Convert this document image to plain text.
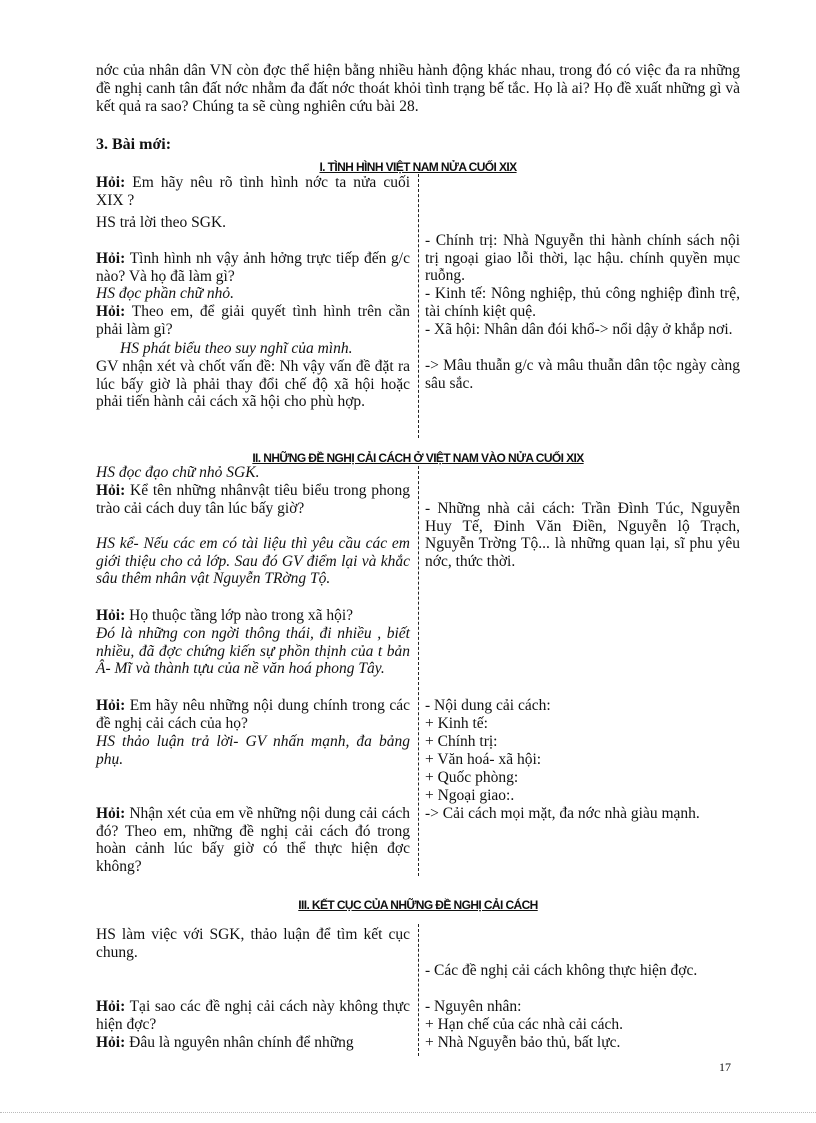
nớc của nhân dân VN còn đợc thể hiện bằng nhiều hành động khác nhau, trong đó có việc đa ra những đề nghị canh tân đất nớc nhằm đa đất nớc thoát khỏi tình trạng bế tắc. Họ là ai? Họ đề xuất những gì và kết quả ra sao? Chúng ta sẽ cùng nghiên cứu bài 28.

3. Bài mới:
I. TÌNH HÌNH VIỆT NAM NỬA CUỐI XIX

Hỏi: Em hãy nêu rõ tình hình nớc ta nửa cuối XIX ?

HS trả lời theo SGK.

Hỏi: Tình hình nh vậy ảnh hởng trực tiếp đến g/c nào? Và họ đã làm gì?

HS đọc phần chữ nhỏ.

Hỏi: Theo em, để giải quyết tình hình trên cần phải làm gì?

HS phát biểu theo suy nghĩ của mình.

GV nhận xét và chốt vấn đề: Nh vậy vấn đề đặt ra lúc bấy giờ là phải thay đổi chế độ xã hội hoặc phải tiến hành cải cách xã hội cho phù hợp.

- Chính trị: Nhà Nguyễn thi hành chính sách nội trị ngoại giao lỗi thời, lạc hậu. chính quyền mục ruỗng.

- Kinh tế: Nông nghiệp, thủ công nghiệp đình trệ, tài chính kiệt quệ.

- Xã hội: Nhân dân đói khổ-> nổi dậy ở khắp nơi.

-> Mâu thuẫn g/c và mâu thuẫn dân tộc ngày càng sâu sắc.

II. NHỮNG ĐỀ NGHỊ CẢI CÁCH Ở VIỆT NAM VÀO NỬA CUỐI XIX

HS đọc đạo chữ nhỏ SGK.

Hỏi: Kể tên những nhânvật tiêu biểu trong phong trào cải cách duy tân lúc bấy giờ?

HS kể- Nếu các em có tài liệu thì yêu cầu các em giới thiệu cho cả lớp. Sau đó GV điểm lại và khắc sâu thêm nhân vật Nguyễn TRờng Tộ.

Hỏi: Họ thuộc tầng lớp nào trong xã hội?

Đó là những con ngời thông thái, đi nhiều , biết nhiều, đã đợc chứng kiến sự phồn thịnh của t bản Â- Mĩ và thành tựu của nề văn hoá phong Tây.

Hỏi: Em hãy nêu những nội dung chính trong các đề nghị cải cách của họ?

HS thảo luận trả lời- GV nhấn mạnh, đa bảng phụ.

Hỏi: Nhận xét của em về những nội dung cải cách đó? Theo em, những đề nghị cải cách đó trong hoàn cảnh lúc bấy giờ có thể thực hiện đợc không?

- Những nhà cải cách: Trần Đình Túc, Nguyễn Huy Tế, Đinh Văn Điền, Nguyễn lộ Trạch, Nguyễn Trờng Tộ... là những quan lại, sĩ phu yêu nớc, thức thời.

- Nội dung cải cách:

+ Kinh tế:

+ Chính trị:

+ Văn hoá- xã hội:

+ Quốc phòng:

+ Ngoại giao:.

-> Cải cách mọi mặt, đa nớc nhà giàu mạnh.

III. KẾT CỤC CỦA NHỮNG ĐỀ NGHỊ CẢI CÁCH

HS làm việc với SGK, thảo luận để tìm kết cục chung.

Hỏi: Tại sao các đề nghị cải cách này không thực hiện đợc?

Hỏi: Đâu là nguyên nhân chính để những

- Các đề nghị cải cách không thực hiện đợc.

- Nguyên nhân:

+ Hạn chế của các nhà cải cách.

+ Nhà Nguyễn bảo thủ, bất lực.

17
